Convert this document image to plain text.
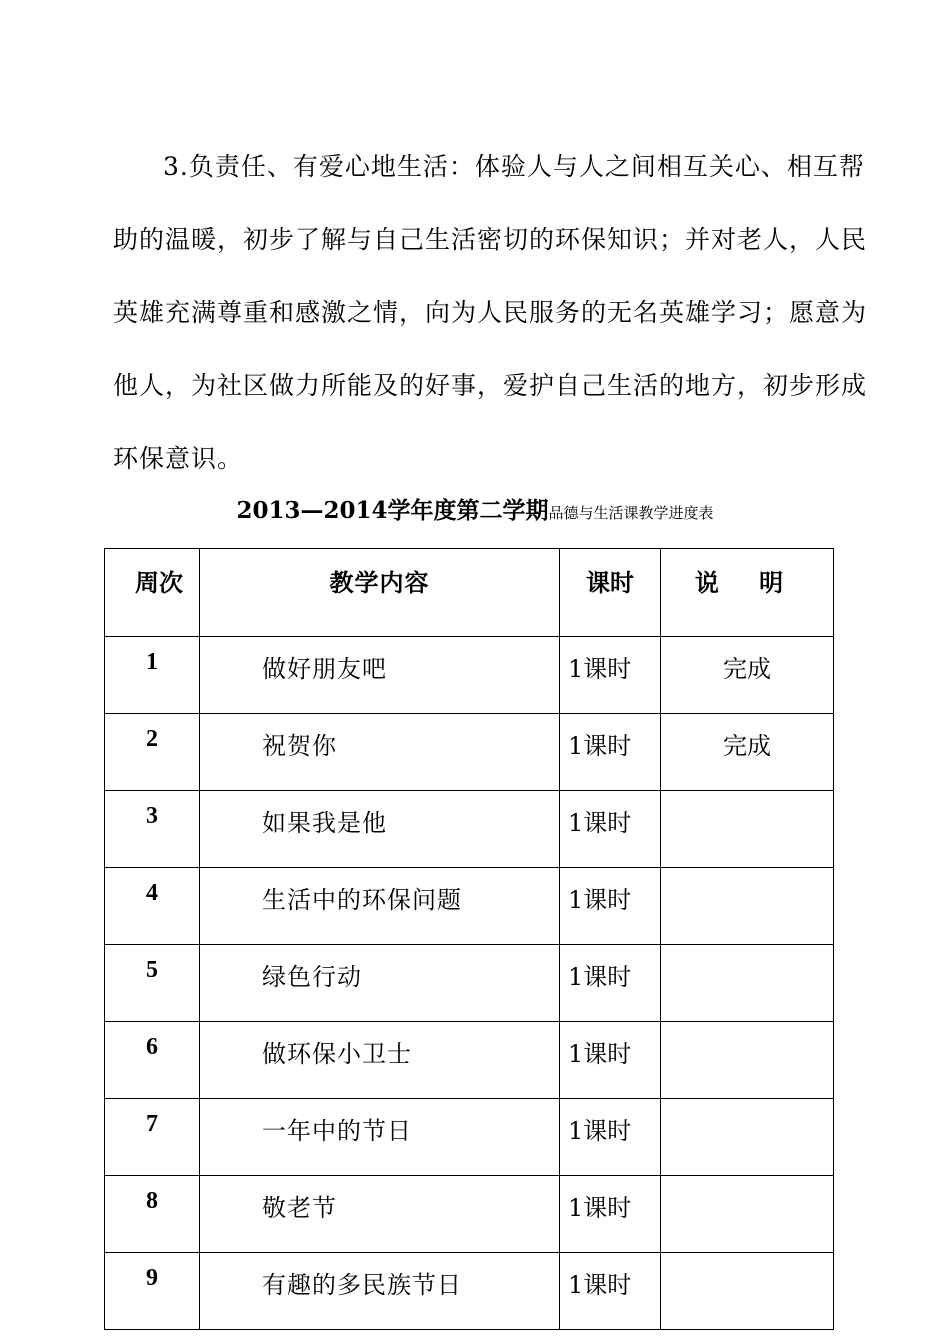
3.负责任、有爱心地生活：体验人与人之间相互关心、相互帮
助的温暖，初步了解与自己生活密切的环保知识；并对老人，人民
英雄充满尊重和感激之情，向为人民服务的无名英雄学习；愿意为
他人，为社区做力所能及的好事，爱护自己生活的地方，初步形成
环保意识。
2013—2014学年度第二学期品德与生活课教学进度表
周次	教学内容	课时	说 明
1	做好朋友吧	1课时	完成
2	祝贺你	1课时	完成
3	如果我是他	1课时	
4	生活中的环保问题	1课时	
5	绿色行动	1课时	
6	做环保小卫士	1课时	
7	一年中的节日	1课时	
8	敬老节	1课时	
9	有趣的多民族节日	1课时	
